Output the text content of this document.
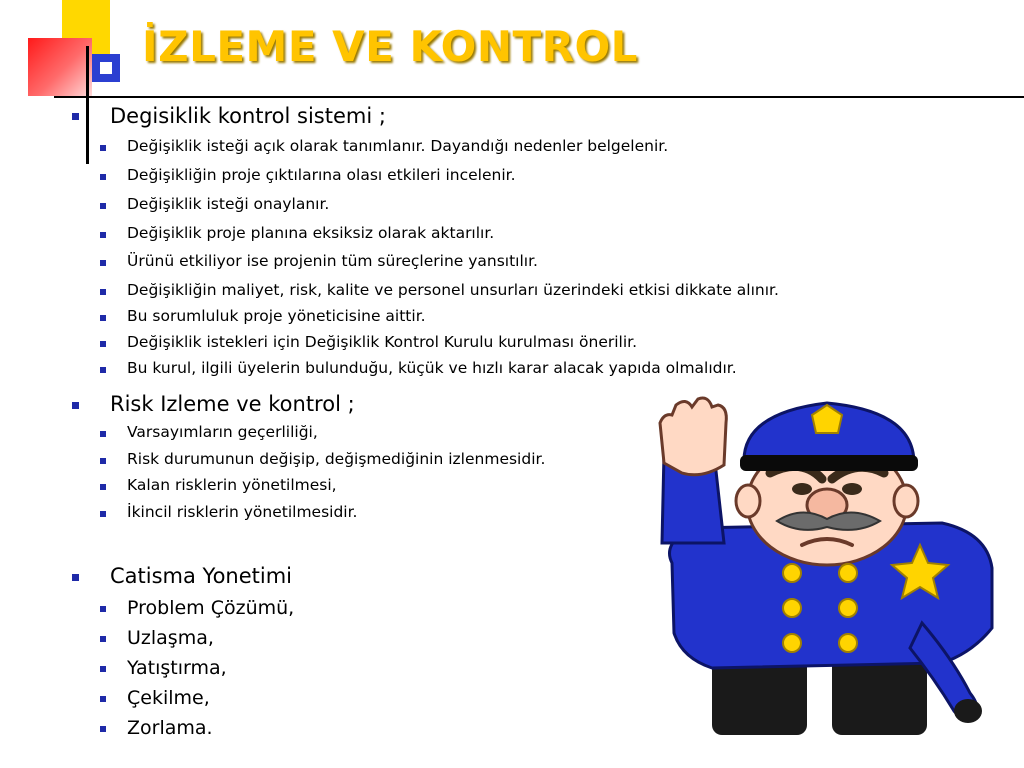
İZLEME VE KONTROL
Degisiklik kontrol sistemi ;
Değişiklik isteği açık olarak tanımlanır. Dayandığı nedenler belgelenir.
Değişikliğin proje çıktılarına olası etkileri incelenir.
Değişiklik isteği onaylanır.
Değişiklik proje planına eksiksiz olarak aktarılır.
Ürünü etkiliyor ise projenin tüm süreçlerine yansıtılır.
Değişikliğin maliyet, risk, kalite ve personel unsurları üzerindeki etkisi dikkate alınır.
Bu sorumluluk proje yöneticisine aittir.
Değişiklik istekleri için Değişiklik Kontrol Kurulu kurulması önerilir.
Bu kurul, ilgili üyelerin bulunduğu, küçük ve hızlı karar alacak yapıda olmalıdır.
Risk Izleme ve kontrol ;
Varsayımların geçerliliği,
Risk durumunun değişip, değişmediğinin izlenmesidir.
Kalan risklerin yönetilmesi,
İkincil risklerin yönetilmesidir.
Catisma Yonetimi
Problem Çözümü,
Uzlaşma,
Yatıştırma,
Çekilme,
Zorlama.
